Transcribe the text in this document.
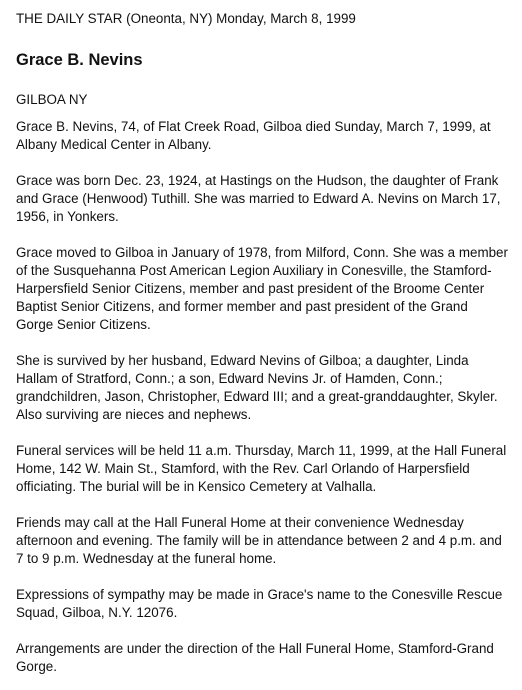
THE DAILY STAR (Oneonta, NY) Monday, March 8, 1999

Grace B. Nevins

GILBOA NY

Grace B. Nevins, 74, of Flat Creek Road, Gilboa died Sunday, March 7, 1999, at Albany Medical Center in Albany.

Grace was born Dec. 23, 1924, at Hastings on the Hudson, the daughter of Frank and Grace (Henwood) Tuthill. She was married to Edward A. Nevins on March 17, 1956, in Yonkers.

Grace moved to Gilboa in January of 1978, from Milford, Conn. She was a member of the Susquehanna Post American Legion Auxiliary in Conesville, the Stamford-Harpersfield Senior Citizens, member and past president of the Broome Center Baptist Senior Citizens, and former member and past president of the Grand Gorge Senior Citizens.

She is survived by her husband, Edward Nevins of Gilboa; a daughter, Linda Hallam of Stratford, Conn.; a son, Edward Nevins Jr. of Hamden, Conn.; grandchildren, Jason, Christopher, Edward III; and a great-granddaughter, Skyler. Also surviving are nieces and nephews.

Funeral services will be held 11 a.m. Thursday, March 11, 1999, at the Hall Funeral Home, 142 W. Main St., Stamford, with the Rev. Carl Orlando of Harpersfield officiating. The burial will be in Kensico Cemetery at Valhalla.

Friends may call at the Hall Funeral Home at their convenience Wednesday afternoon and evening. The family will be in attendance between 2 and 4 p.m. and 7 to 9 p.m. Wednesday at the funeral home.

Expressions of sympathy may be made in Grace's name to the Conesville Rescue Squad, Gilboa, N.Y. 12076.

Arrangements are under the direction of the Hall Funeral Home, Stamford-Grand Gorge.
